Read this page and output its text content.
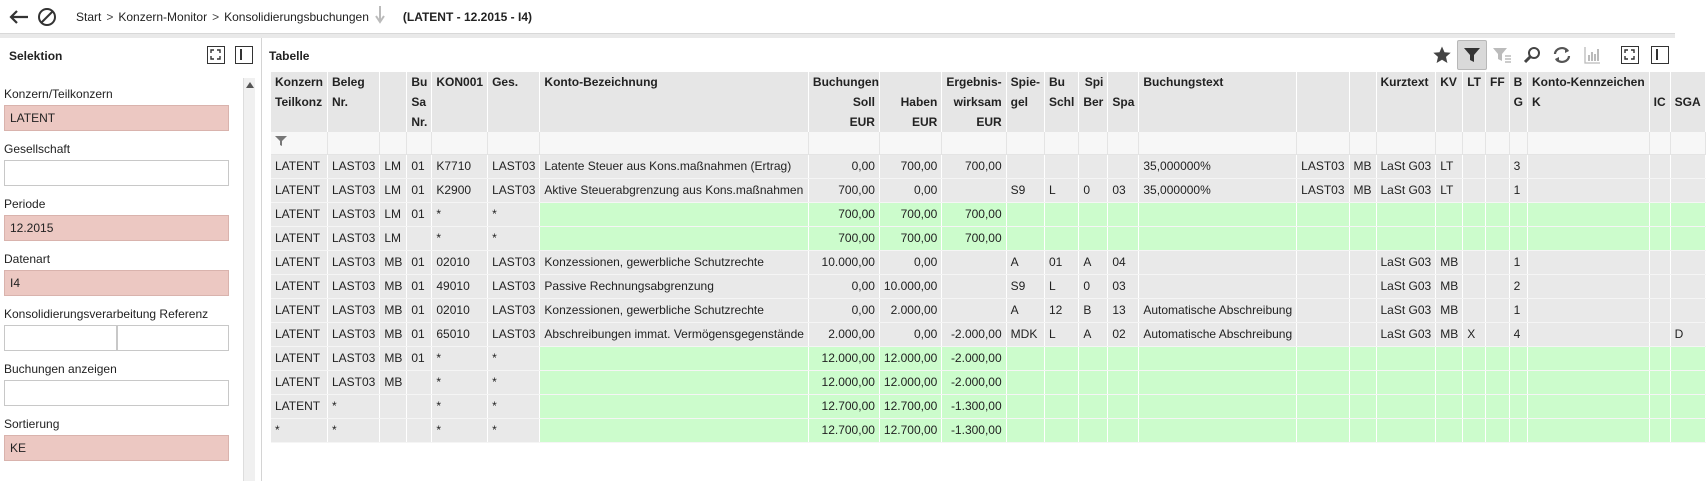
Start > Konzern-Monitor > Konsolidierungsbuchungen	(LATENT - 12.2015 - I4)
Selektion
Konzern/Teilkonzern
LATENT
Gesellschaft
Periode
12.2015
Datenart
I4
Konsolidierungsverarbeitung Referenz
Buchungen anzeigen
Sortierung
KE
Tabelle
Konzern	Beleg		Bu	KON001	Ges.	Konto-Bezeichnung	Buchungen		Ergebnis-	Spie-	Bu	Spi		Buchungstext			Kurztext	KV	LT	FF	B	Konto-Kennzeichen		
Teilkonz	Nr.		Sa				Soll	Haben	wirksam	gel	Schl	Ber	Spa								G	K	IC	SGA
			Nr.				EUR	EUR	EUR															

LATENT	LAST03	LM	01	K7710	LAST03	Latente Steuer aus Kons.maßnahmen (Ertrag)	0,00	700,00	700,00					35,000000%	LAST03	MB	LaSt G03	LT			3			
LATENT	LAST03	LM	01	K2900	LAST03	Aktive Steuerabgrenzung aus Kons.maßnahmen	700,00	0,00		S9	L	0	03	35,000000%	LAST03	MB	LaSt G03	LT			1			
LATENT	LAST03	LM	01	*	*		700,00	700,00	700,00															
LATENT	LAST03	LM		*	*		700,00	700,00	700,00															
LATENT	LAST03	MB	01	02010	LAST03	Konzessionen, gewerbliche Schutzrechte	10.000,00	0,00		A	01	A	04				LaSt G03	MB			1			
LATENT	LAST03	MB	01	49010	LAST03	Passive Rechnungsabgrenzung	0,00	10.000,00		S9	L	0	03				LaSt G03	MB			2			
LATENT	LAST03	MB	01	02010	LAST03	Konzessionen, gewerbliche Schutzrechte	0,00	2.000,00		A	12	B	13	Automatische Abschreibung			LaSt G03	MB			1			
LATENT	LAST03	MB	01	65010	LAST03	Abschreibungen immat. Vermögensgegenstände	2.000,00	0,00	-2.000,00	MDK	L	A	02	Automatische Abschreibung			LaSt G03	MB	X		4			D
LATENT	LAST03	MB	01	*	*		12.000,00	12.000,00	-2.000,00															
LATENT	LAST03	MB		*	*		12.000,00	12.000,00	-2.000,00															
LATENT	*			*	*		12.700,00	12.700,00	-1.300,00															
*	*			*	*		12.700,00	12.700,00	-1.300,00															
